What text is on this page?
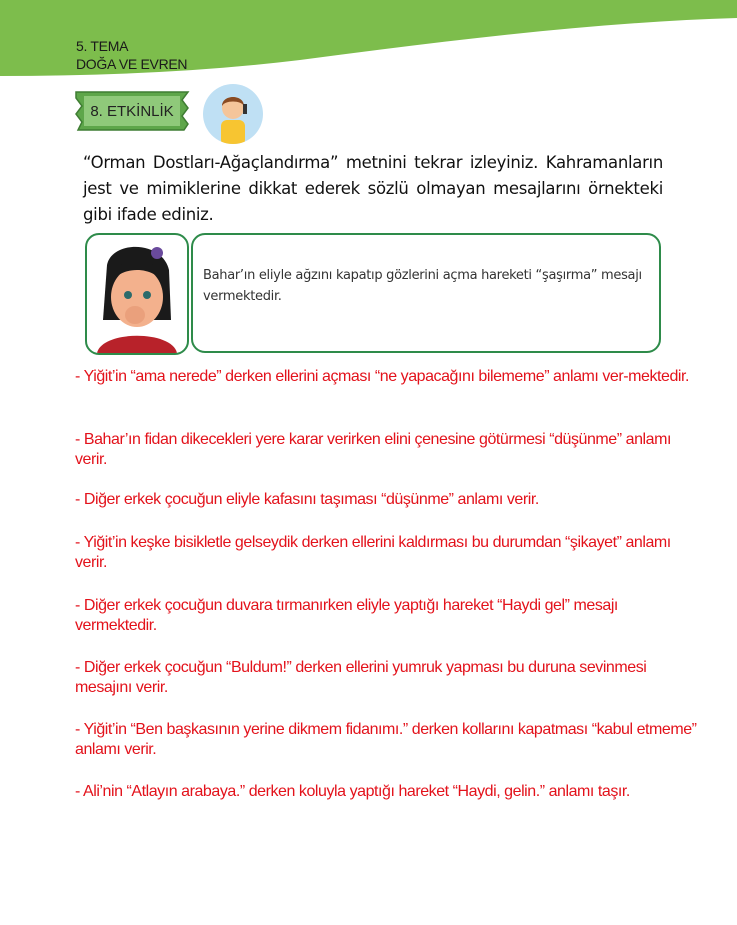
5. TEMA
DOĞA VE EVREN
8. ETKİNLİK
“Orman Dostları-Ağaçlandırma” metnini tekrar izleyiniz. Kahramanların jest ve mimiklerine dikkat ederek sözlü olmayan mesajlarını örnekteki gibi ifade ediniz.
Bahar’ın eliyle ağzını kapatıp gözlerini açma hareketi “şaşırma” mesajı vermektedir.
- Yiğit’in “ama nerede” derken ellerini açması “ne yapacağını bilememe” anlamı ver-mektedir.
- Bahar’ın fidan dikecekleri yere karar verirken elini çenesine götürmesi “düşünme” anlamı verir.
- Diğer erkek çocuğun eliyle kafasını taşıması “düşünme” anlamı verir.
- Yiğit’in keşke bisikletle gelseydik derken ellerini kaldırması bu durumdan “şikayet” anlamı verir.
- Diğer erkek çocuğun duvara tırmanırken eliyle yaptığı hareket “Haydi gel” mesajı vermektedir.
- Diğer erkek çocuğun “Buldum!” derken ellerini yumruk yapması bu duruna sevinmesi mesajını verir.
- Yiğit’in “Ben başkasının yerine dikmem fidanımı.” derken kollarını kapatması “kabul etmeme” anlamı verir.
- Ali’nin “Atlayın arabaya.” derken koluyla yaptığı hareket “Haydi, gelin.” anlamı taşır.
